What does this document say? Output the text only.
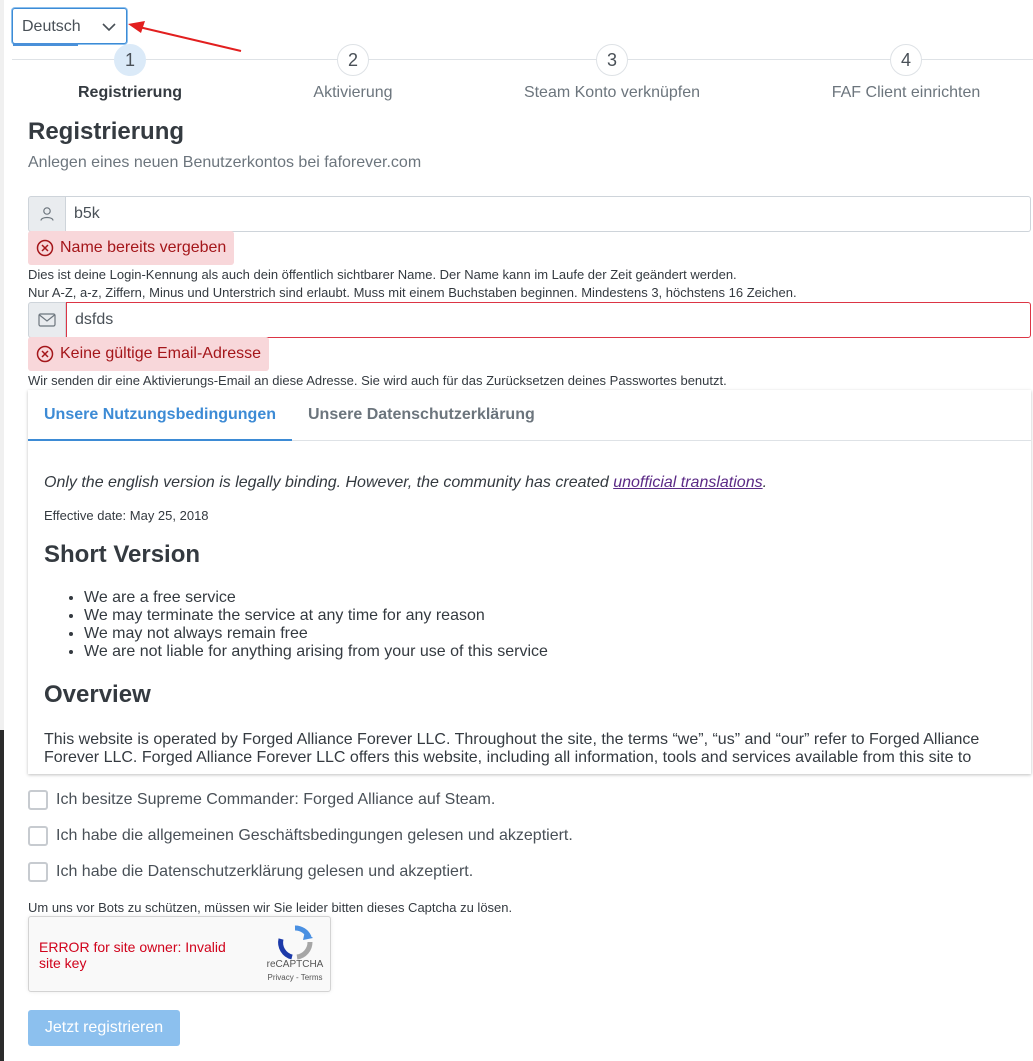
Deutsch
1
Registrierung
2
Aktivierung
3
Steam Konto verknüpfen
4
FAF Client einrichten
Registrierung
Anlegen eines neuen Benutzerkontos bei faforever.com
b5k
Name bereits vergeben
Dies ist deine Login-Kennung als auch dein öffentlich sichtbarer Name. Der Name kann im Laufe der Zeit geändert werden.
Nur A-Z, a-z, Ziffern, Minus und Unterstrich sind erlaubt. Muss mit einem Buchstaben beginnen. Mindestens 3, höchstens 16 Zeichen.
dsfds
Keine gültige Email-Adresse
Wir senden dir eine Aktivierungs-Email an diese Adresse. Sie wird auch für das Zurücksetzen deines Passwortes benutzt.
Unsere Nutzungsbedingungen Unsere Datenschutzerklärung
Only the english version is legally binding. However, the community has created unofficial translations.
Effective date: May 25, 2018
Short Version
• We are a free service
• We may terminate the service at any time for any reason
• We may not always remain free
• We are not liable for anything arising from your use of this service
Overview

This website is operated by Forged Alliance Forever LLC. Throughout the site, the terms “we”, “us” and “our” refer to Forged Alliance Forever LLC. Forged Alliance Forever LLC offers this website, including all information, tools and services available from this site to

Ich besitze Supreme Commander: Forged Alliance auf Steam.
Ich habe die allgemeinen Geschäftsbedingungen gelesen und akzeptiert.
Ich habe die Datenschutzerklärung gelesen und akzeptiert.
Um uns vor Bots zu schützen, müssen wir Sie leider bitten dieses Captcha zu lösen.
ERROR for site owner: Invalid site key	reCAPTCHA
Privacy - Terms
Jetzt registrieren
